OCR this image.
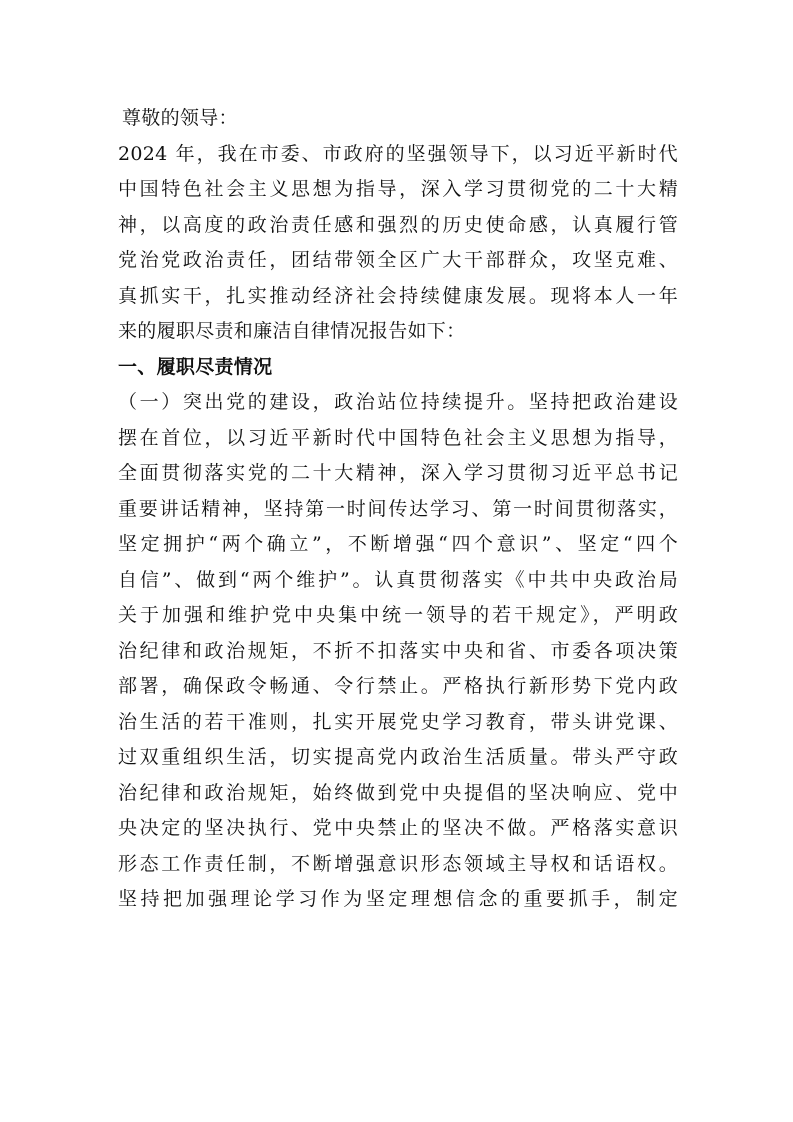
尊敬的领导：
2024 年，我在市委、市政府的坚强领导下，以习近平新时代
中国特色社会主义思想为指导，深入学习贯彻党的二十大精
神，以高度的政治责任感和强烈的历史使命感，认真履行管
党治党政治责任，团结带领全区广大干部群众，攻坚克难、
真抓实干，扎实推动经济社会持续健康发展。现将本人一年
来的履职尽责和廉洁自律情况报告如下：
一、履职尽责情况
（一）突出党的建设，政治站位持续提升。坚持把政治建设
摆在首位，以习近平新时代中国特色社会主义思想为指导，
全面贯彻落实党的二十大精神，深入学习贯彻习近平总书记
重要讲话精神，坚持第一时间传达学习、第一时间贯彻落实，
坚定拥护“两个确立”，不断增强“四个意识”、坚定“四个
自信”、做到“两个维护”。认真贯彻落实《中共中央政治局
关于加强和维护党中央集中统一领导的若干规定》，严明政
治纪律和政治规矩，不折不扣落实中央和省、市委各项决策
部署，确保政令畅通、令行禁止。严格执行新形势下党内政
治生活的若干准则，扎实开展党史学习教育，带头讲党课、
过双重组织生活，切实提高党内政治生活质量。带头严守政
治纪律和政治规矩，始终做到党中央提倡的坚决响应、党中
央决定的坚决执行、党中央禁止的坚决不做。严格落实意识
形态工作责任制，不断增强意识形态领域主导权和话语权。
坚持把加强理论学习作为坚定理想信念的重要抓手，制定
